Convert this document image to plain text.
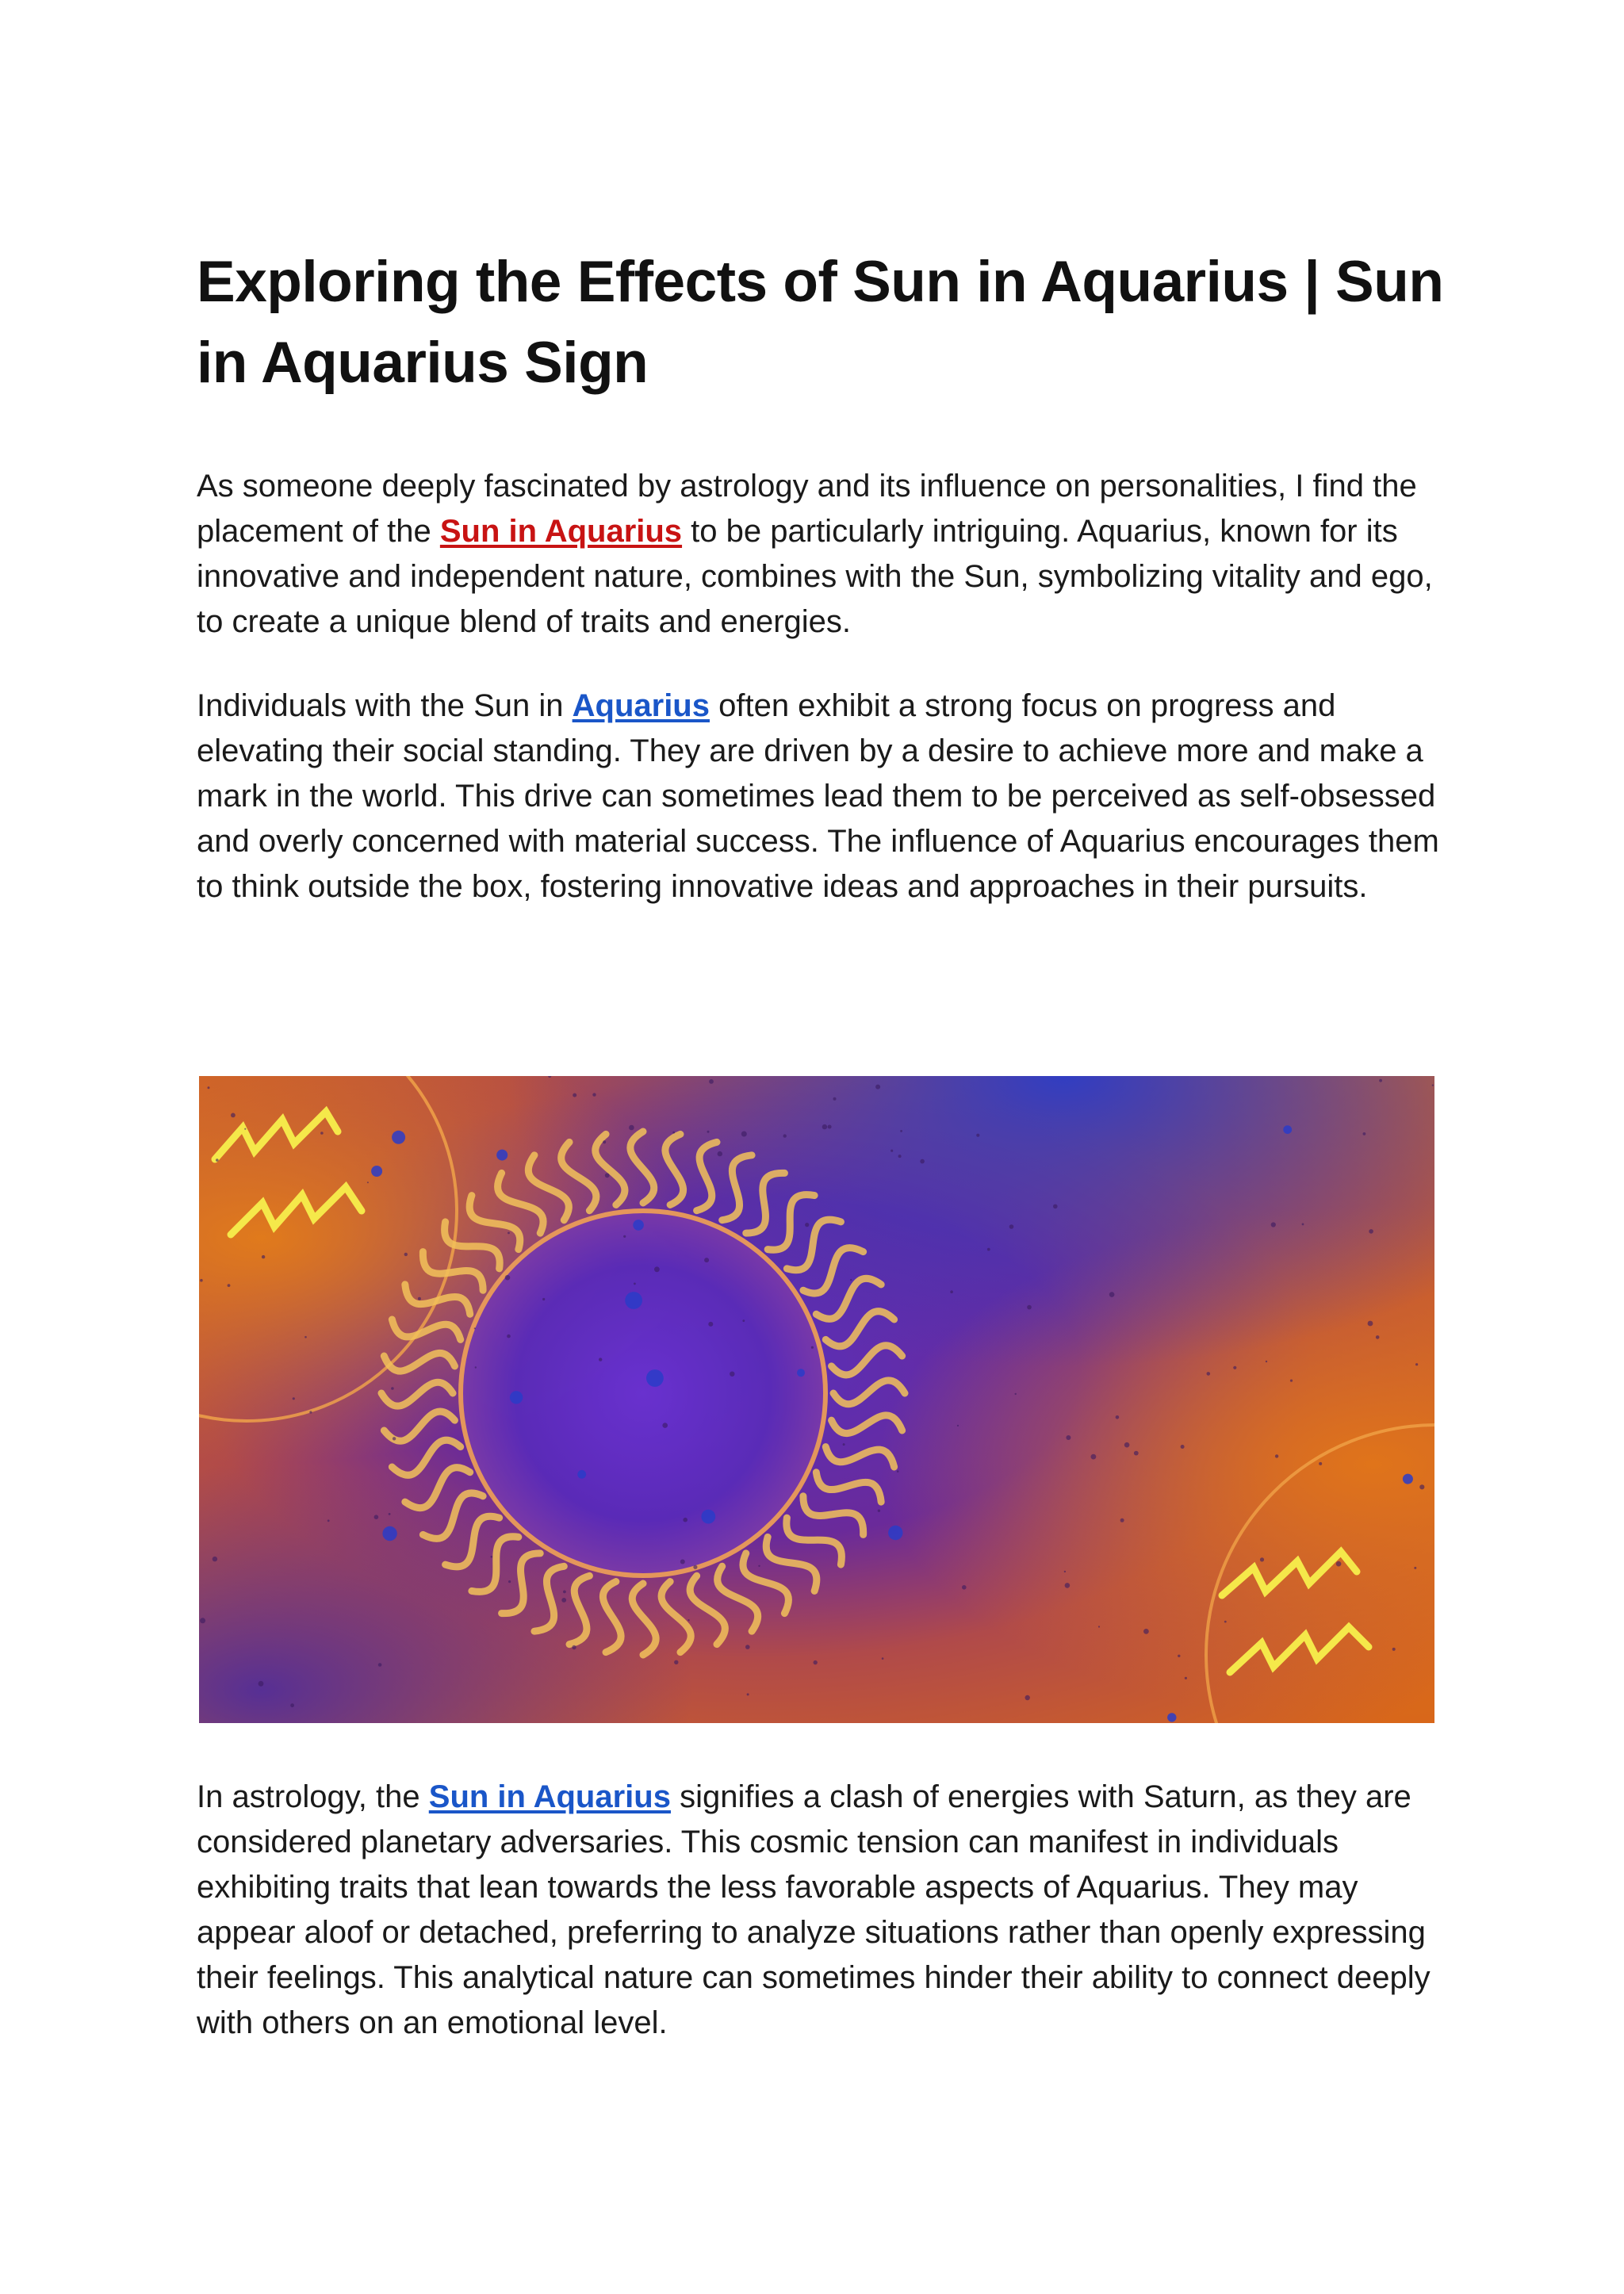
Exploring the Effects of Sun in Aquarius | Sun in Aquarius Sign

As someone deeply fascinated by astrology and its influence on personalities, I find the placement of the Sun in Aquarius to be particularly intriguing. Aquarius, known for its innovative and independent nature, combines with the Sun, symbolizing vitality and ego, to create a unique blend of traits and energies.

Individuals with the Sun in Aquarius often exhibit a strong focus on progress and elevating their social standing. They are driven by a desire to achieve more and make a mark in the world. This drive can sometimes lead them to be perceived as self-obsessed and overly concerned with material success. The influence of Aquarius encourages them to think outside the box, fostering innovative ideas and approaches in their pursuits.

In astrology, the Sun in Aquarius signifies a clash of energies with Saturn, as they are considered planetary adversaries. This cosmic tension can manifest in individuals exhibiting traits that lean towards the less favorable aspects of Aquarius. They may appear aloof or detached, preferring to analyze situations rather than openly expressing their feelings. This analytical nature can sometimes hinder their ability to connect deeply with others on an emotional level.
